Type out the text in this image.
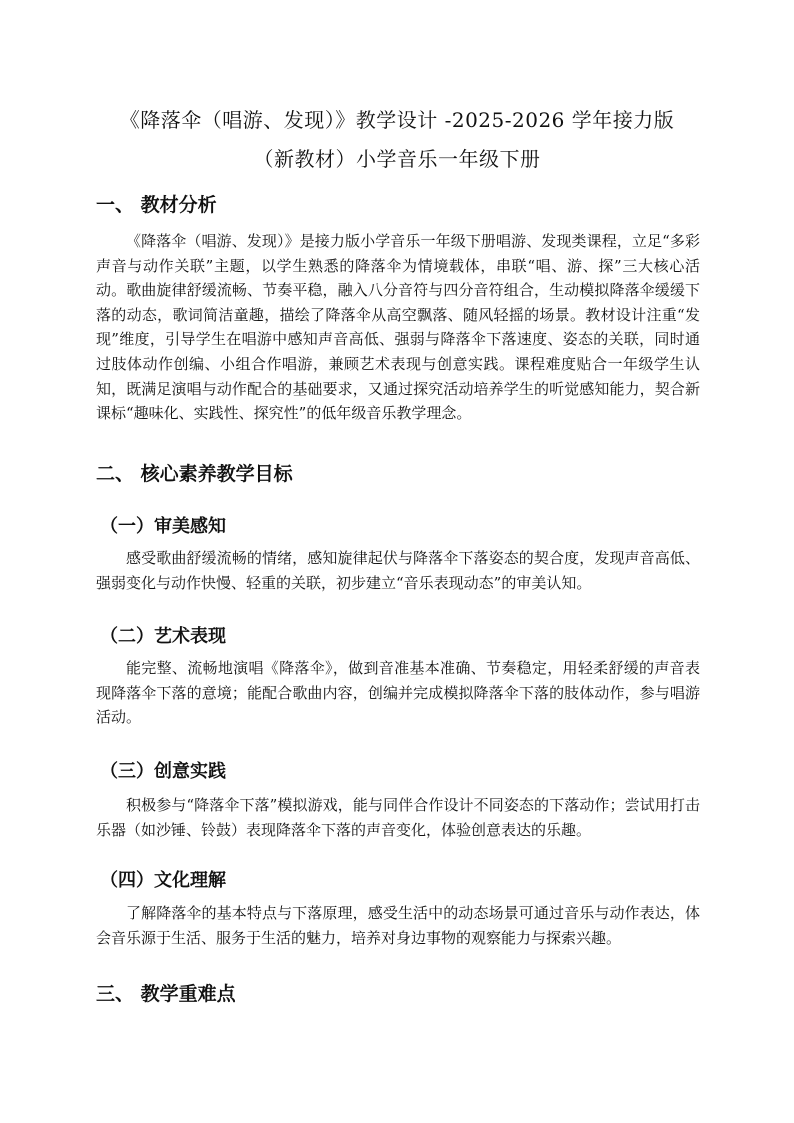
《降落伞（唱游、发现）》教学设计 -2025-2026 学年接力版
（新教材）小学音乐一年级下册
一、 教材分析
《降落伞（唱游、发现）》是接力版小学音乐一年级下册唱游、发现类课程，立足“多彩声音与动作关联”主题，以学生熟悉的降落伞为情境载体，串联“唱、游、探”三大核心活动。歌曲旋律舒缓流畅、节奏平稳，融入八分音符与四分音符组合，生动模拟降落伞缓缓下落的动态，歌词简洁童趣，描绘了降落伞从高空飘落、随风轻摇的场景。教材设计注重“发现”维度，引导学生在唱游中感知声音高低、强弱与降落伞下落速度、姿态的关联，同时通过肢体动作创编、小组合作唱游，兼顾艺术表现与创意实践。课程难度贴合一年级学生认知，既满足演唱与动作配合的基础要求，又通过探究活动培养学生的听觉感知能力，契合新课标“趣味化、实践性、探究性”的低年级音乐教学理念。
二、 核心素养教学目标
（一）审美感知
感受歌曲舒缓流畅的情绪，感知旋律起伏与降落伞下落姿态的契合度，发现声音高低、强弱变化与动作快慢、轻重的关联，初步建立“音乐表现动态”的审美认知。
（二）艺术表现
能完整、流畅地演唱《降落伞》，做到音准基本准确、节奏稳定，用轻柔舒缓的声音表现降落伞下落的意境；能配合歌曲内容，创编并完成模拟降落伞下落的肢体动作，参与唱游活动。
（三）创意实践
积极参与“降落伞下落”模拟游戏，能与同伴合作设计不同姿态的下落动作；尝试用打击乐器（如沙锤、铃鼓）表现降落伞下落的声音变化，体验创意表达的乐趣。
（四）文化理解
了解降落伞的基本特点与下落原理，感受生活中的动态场景可通过音乐与动作表达，体会音乐源于生活、服务于生活的魅力，培养对身边事物的观察能力与探索兴趣。
三、 教学重难点
